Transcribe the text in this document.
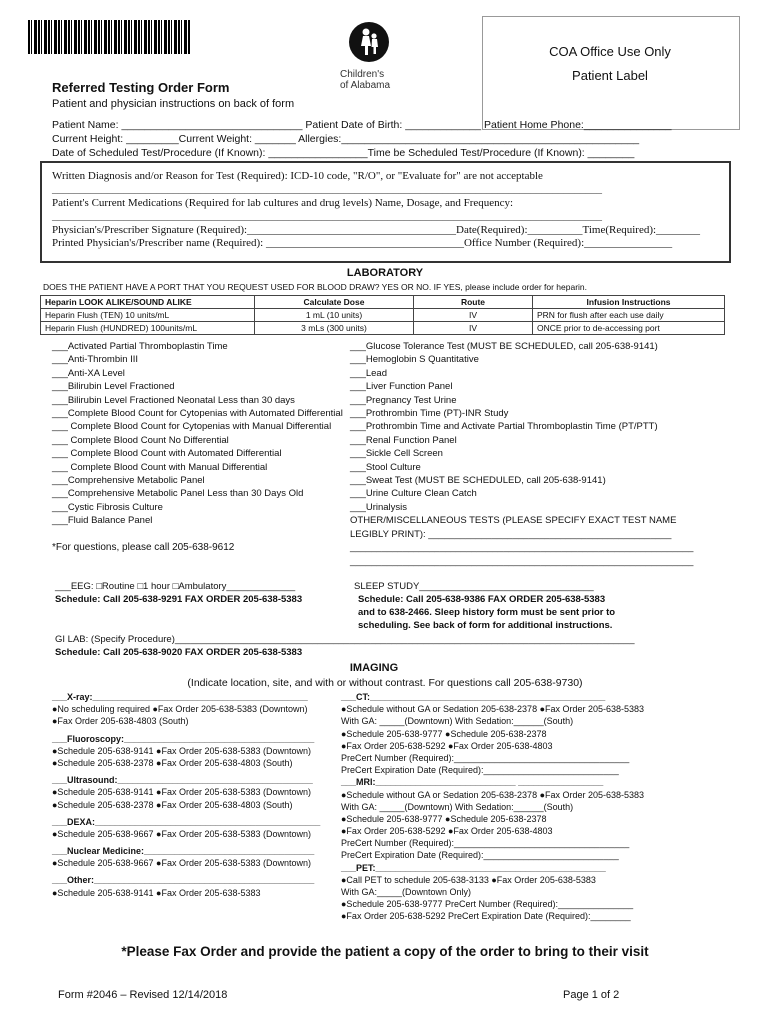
Children's
of Alabama
COA Office Use Only
Patient Label
Referred Testing Order Form
Patient and physician instructions on back of form
Patient Name: _______________________________ Patient Date of Birth: _____________ Patient Home Phone:_______________
Current Height: _________Current Weight: _______ Allergies:___________________________________________________
Date of Scheduled Test/Procedure (If Known): _________________Time be Scheduled Test/Procedure (If Known): ________
Written Diagnosis and/or Reason for Test (Required): ICD-10 code, "R/O", or "Evaluate for" are not acceptable
____________________________________________________________________________________________________
Patient's Current Medications (Required for lab cultures and drug levels) Name, Dosage, and Frequency:
____________________________________________________________________________________________________
Physician's/Prescriber Signature (Required):______________________________________Date(Required):__________Time(Required):________
Printed Physician's/Prescriber name (Required): ____________________________________Office Number (Required):________________
LABORATORY
DOES THE PATIENT HAVE A PORT THAT YOU REQUEST USED FOR BLOOD DRAW? YES OR NO. IF YES, please include order for heparin.
Heparin LOOK ALIKE/SOUND ALIKE	Calculate Dose	Route	Infusion Instructions
Heparin Flush (TEN) 10 units/mL	1 mL (10 units)	IV	PRN for flush after each use daily
Heparin Flush (HUNDRED) 100units/mL	3 mLs (300 units)	IV	ONCE prior to de-accessing port
___Activated Partial Thromboplastin Time
___Anti-Thrombin III
___Anti-XA Level
___Bilirubin Level Fractioned
___Bilirubin Level Fractioned Neonatal Less than 30 days
___Complete Blood Count for Cytopenias with Automated Differential
___ Complete Blood Count for Cytopenias with Manual Differential
___ Complete Blood Count No Differential
___ Complete Blood Count with Automated Differential
___ Complete Blood Count with Manual Differential
___Comprehensive Metabolic Panel
___Comprehensive Metabolic Panel Less than 30 Days Old
___Cystic Fibrosis Culture
___Fluid Balance Panel
___Glucose Tolerance Test (MUST BE SCHEDULED, call 205-638-9141)
___Hemoglobin S Quantitative
___Lead
___Liver Function Panel
___Pregnancy Test Urine
___Prothrombin Time (PT)-INR Study
___Prothrombin Time and Activate Partial Thromboplastin Time (PT/PTT)
___Renal Function Panel
___Sickle Cell Screen
___Stool Culture
___Sweat Test (MUST BE SCHEDULED, call 205-638-9141)
___Urine Culture Clean Catch
___Urinalysis
OTHER/MISCELLANEOUS TESTS (PLEASE SPECIFY EXACT TEST NAME
LEGIBLY PRINT): ______________________________________________
_________________________________________________________________
_________________________________________________________________
*For questions, please call 205-638-9612
___EEG: □Routine □1 hour □Ambulatory_____________
Schedule: Call 205-638-9291 FAX ORDER 205-638-5383
SLEEP STUDY_________________________________
Schedule: Call 205-638-9386 FAX ORDER 205-638-5383
and to 638-2466. Sleep history form must be sent prior to
scheduling. See back of form for additional instructions.
GI LAB: (Specify Procedure)_______________________________________________________________________________________
Schedule: Call 205-638-9020 FAX ORDER 205-638-5383
IMAGING
(Indicate location, site, and with or without contrast. For questions call 205-638-9730)
___X-ray:___________________________________________
●No scheduling required ●Fax Order 205-638-5383 (Downtown)
●Fax Order 205-638-4803 (South)
___Fluoroscopy:______________________________________
●Schedule 205-638-9141 ●Fax Order 205-638-5383 (Downtown)
●Schedule 205-638-2378 ●Fax Order 205-638-4803 (South)
___Ultrasound:_______________________________________
●Schedule 205-638-9141 ●Fax Order 205-638-5383 (Downtown)
●Schedule 205-638-2378 ●Fax Order 205-638-4803 (South)
___DEXA:_____________________________________________
●Schedule 205-638-9667 ●Fax Order 205-638-5383 (Downtown)
___Nuclear Medicine:__________________________________
●Schedule 205-638-9667 ●Fax Order 205-638-5383 (Downtown)
___Other:____________________________________________
●Schedule 205-638-9141 ●Fax Order 205-638-5383
___CT:_______________________________________________
●Schedule without GA or Sedation 205-638-2378 ●Fax Order 205-638-5383
With GA: _____(Downtown) With Sedation:______(South)
●Schedule 205-638-9777 ●Schedule 205-638-2378
●Fax Order 205-638-5292 ●Fax Order 205-638-4803
PreCert Number (Required):___________________________________
PreCert Expiration Date (Required):___________________________
___MRI:____________________________ _________________
●Schedule without GA or Sedation 205-638-2378 ●Fax Order 205-638-5383
With GA: _____(Downtown) With Sedation:______(South)
●Schedule 205-638-9777 ●Schedule 205-638-2378
●Fax Order 205-638-5292 ●Fax Order 205-638-4803
PreCert Number (Required):___________________________________
PreCert Expiration Date (Required):___________________________
___PET:______________________________________________
●Call PET to schedule 205-638-3133 ●Fax Order 205-638-5383
With GA:_____(Downtown Only)
●Schedule 205-638-9777 PreCert Number (Required):_______________
●Fax Order 205-638-5292 PreCert Expiration Date (Required):________
*Please Fax Order and provide the patient a copy of the order to bring to their visit
Form #2046 – Revised 12/14/2018	Page 1 of 2
